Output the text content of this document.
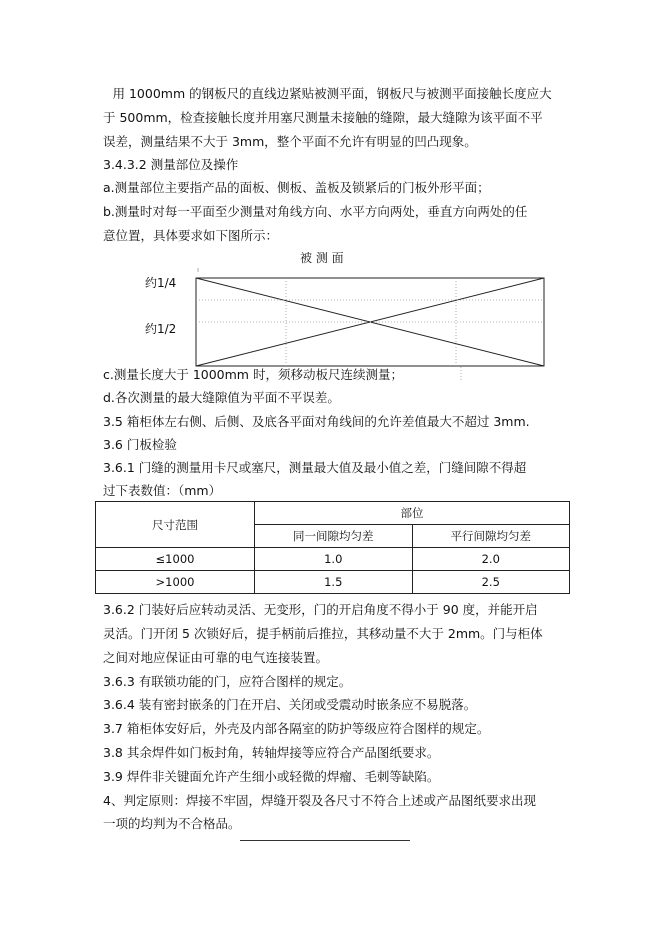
　用 1000mm 的钢板尺的直线边紧贴被测平面，钢板尺与被测平面接触长度应大
于 500mm，检查接触长度并用塞尺测量未接触的缝隙，最大缝隙为该平面不平
误差，测量结果不大于 3mm，整个平面不允许有明显的凹凸现象。
3.4.3.2 测量部位及操作
a.测量部位主要指产品的面板、侧板、盖板及锁紧后的门板外形平面；
b.测量时对每一平面至少测量对角线方向、水平方向两处，垂直方向两处的任
意位置，具体要求如下图所示：
被 测 面
约1/4
约1/2
c.测量长度大于 1000mm 时，须移动板尺连续测量；
d.各次测量的最大缝隙值为平面不平误差。
3.5 箱柜体左右侧、后侧、及底各平面对角线间的允许差值最大不超过 3mm.
3.6 门板检验
3.6.1 门缝的测量用卡尺或塞尺，测量最大值及最小值之差，门缝间隙不得超
过下表数值：（mm）
尺寸范围	部位	
	同一间隙均匀差	平行间隙均匀差
≤1000	1.0	2.0
>1000	1.5	2.5
3.6.2 门装好后应转动灵活、无变形，门的开启角度不得小于 90 度，并能开启
灵活。门开闭 5 次锁好后，提手柄前后推拉，其移动量不大于 2mm。门与柜体
之间对地应保证由可靠的电气连接装置。
3.6.3 有联锁功能的门，应符合图样的规定。
3.6.4 装有密封嵌条的门在开启、关闭或受震动时嵌条应不易脱落。
3.7 箱柜体安好后，外壳及内部各隔室的防护等级应符合图样的规定。
3.8 其余焊件如门板封角，转轴焊接等应符合产品图纸要求。
3.9 焊件非关键面允许产生细小或轻微的焊瘤、毛刺等缺陷。
4、判定原则：焊接不牢固，焊缝开裂及各尺寸不符合上述或产品图纸要求出现
一项的均判为不合格品。
